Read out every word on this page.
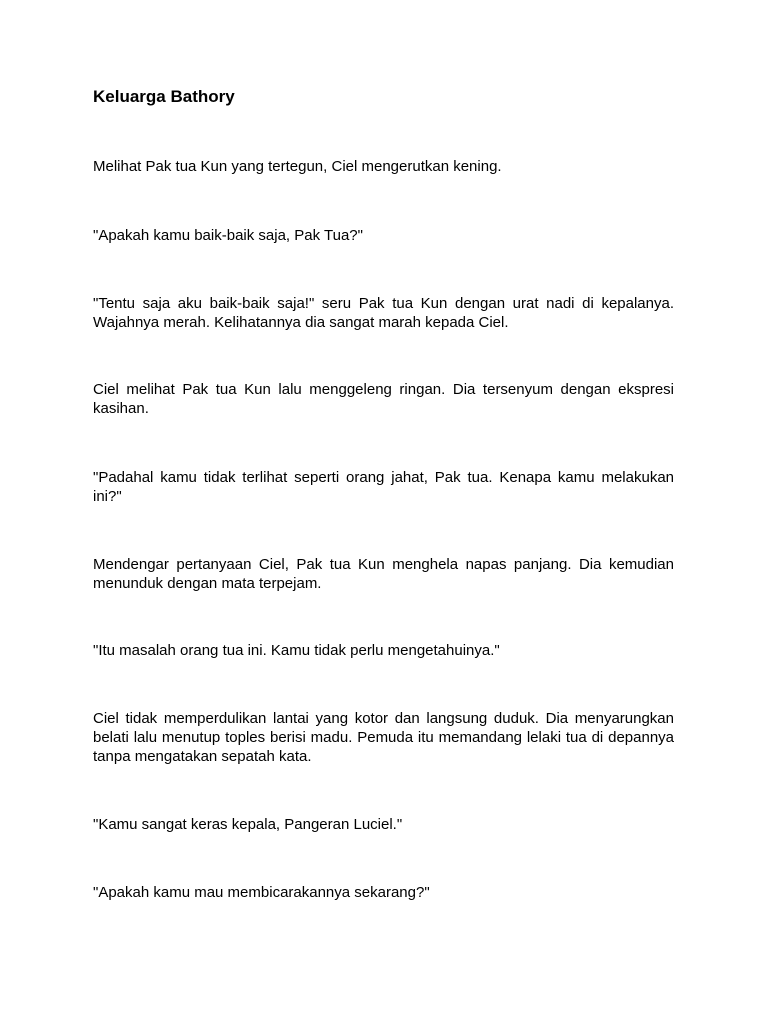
Keluarga Bathory

Melihat Pak tua Kun yang tertegun, Ciel mengerutkan kening.

"Apakah kamu baik-baik saja, Pak Tua?"

"Tentu saja aku baik-baik saja!" seru Pak tua Kun dengan urat nadi di kepalanya. Wajahnya merah. Kelihatannya dia sangat marah kepada Ciel.

Ciel melihat Pak tua Kun lalu menggeleng ringan. Dia tersenyum dengan ekspresi kasihan.

"Padahal kamu tidak terlihat seperti orang jahat, Pak tua. Kenapa kamu melakukan ini?"

Mendengar pertanyaan Ciel, Pak tua Kun menghela napas panjang. Dia kemudian menunduk dengan mata terpejam.

"Itu masalah orang tua ini. Kamu tidak perlu mengetahuinya."

Ciel tidak memperdulikan lantai yang kotor dan langsung duduk. Dia menyarungkan belati lalu menutup toples berisi madu. Pemuda itu memandang lelaki tua di depannya tanpa mengatakan sepatah kata.

"Kamu sangat keras kepala, Pangeran Luciel."

"Apakah kamu mau membicarakannya sekarang?"
